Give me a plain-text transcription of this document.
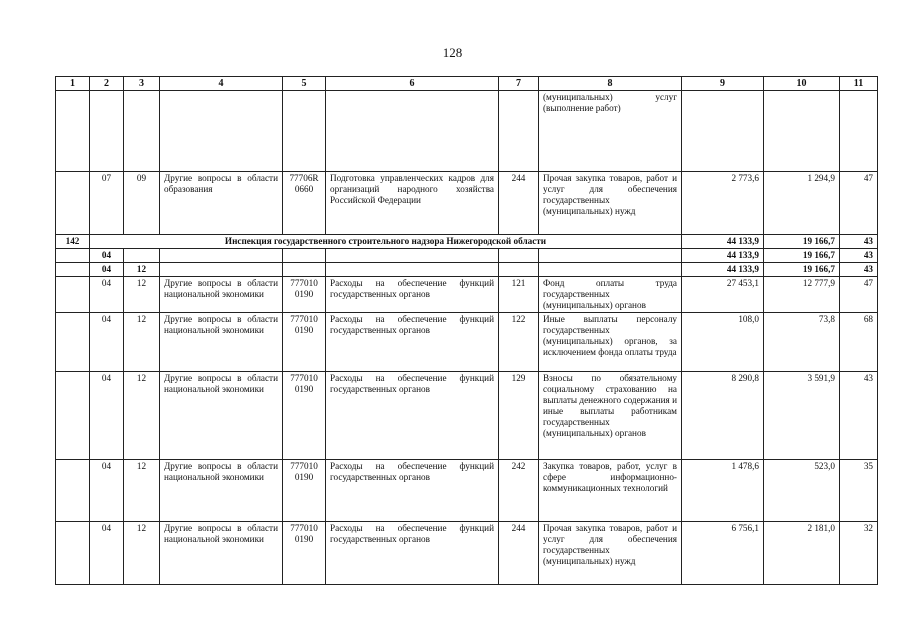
128
1	2	3	4	5	6	7	8	9	10	11
							(муниципальных) услуг (выполнение работ)			
	07	09	Другие вопросы в области образования	77706R 0660	Подготовка управленческих кадров для организаций народного хозяйства Российской Федерации	244	Прочая закупка товаров, работ и услуг для обеспечения государственных (муниципальных) нужд	2 773,6	1 294,9	47
142	Инспекция государственного строительного надзора Нижегородской области							44 133,9	19 166,7	43
	04							44 133,9	19 166,7	43
	04	12						44 133,9	19 166,7	43
	04	12	Другие вопросы в области национальной экономики	777010 0190	Расходы на обеспечение функций государственных органов	121	Фонд оплаты труда государственных (муниципальных) органов	27 453,1	12 777,9	47
	04	12	Другие вопросы в области национальной экономики	777010 0190	Расходы на обеспечение функций государственных органов	122	Иные выплаты персоналу государственных (муниципальных) органов, за исключением фонда оплаты труда	108,0	73,8	68
	04	12	Другие вопросы в области национальной экономики	777010 0190	Расходы на обеспечение функций государственных органов	129	Взносы по обязательному социальному страхованию на выплаты денежного содержания и иные выплаты работникам государственных (муниципальных) органов	8 290,8	3 591,9	43
	04	12	Другие вопросы в области национальной экономики	777010 0190	Расходы на обеспечение функций государственных органов	242	Закупка товаров, работ, услуг в сфере информационно-коммуникационных технологий	1 478,6	523,0	35
	04	12	Другие вопросы в области национальной экономики	777010 0190	Расходы на обеспечение функций государственных органов	244	Прочая закупка товаров, работ и услуг для обеспечения государственных (муниципальных) нужд	6 756,1	2 181,0	32
